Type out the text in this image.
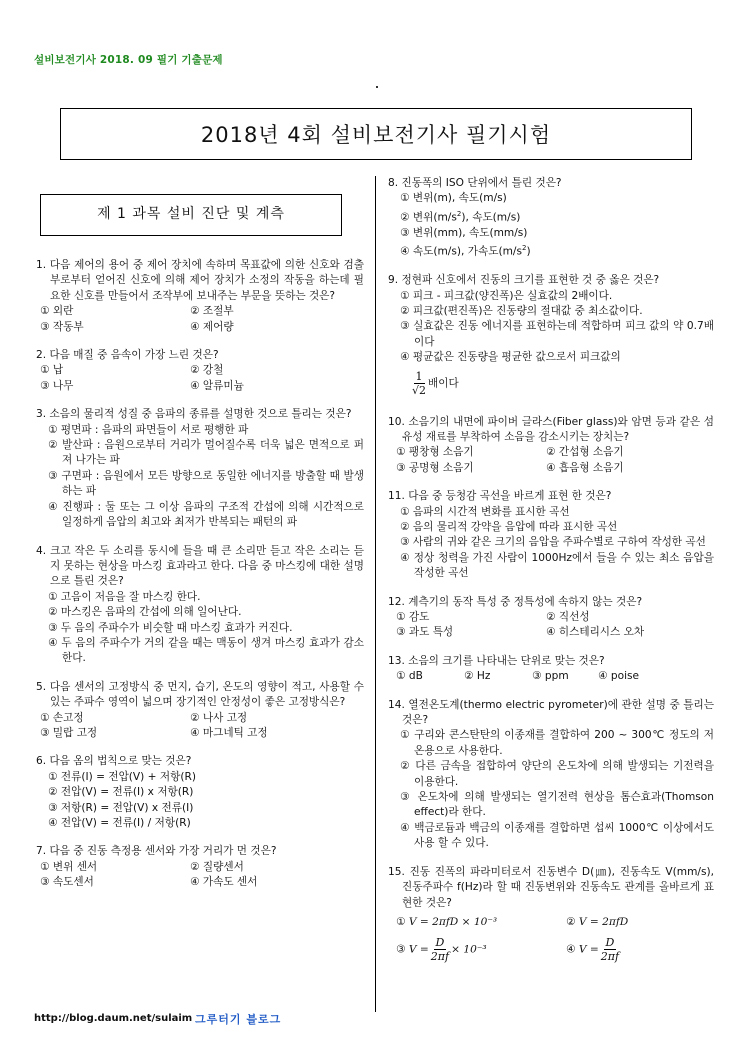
설비보전기사 2018. 09 필기 기출문제
2018년 4회 설비보전기사 필기시험
제 1 과목 설비 진단 및 계측
1. 다음 제어의 용어 중 제어 장치에 속하며 목표값에 의한 신호와 검출부로부터 얻어진 신호에 의해 제어 장치가 소정의 작동을 하는데 필요한 신호를 만들어서 조작부에 보내주는 부문을 뜻하는 것은?
① 외란	② 조절부
③ 작동부	④ 제어량
2. 다음 매질 중 음속이 가장 느린 것은?
① 납	② 강철
③ 나무	④ 알류미늄
3. 소음의 물리적 성질 중 음파의 종류를 설명한 것으로 틀리는 것은?
① 평면파 : 음파의 파면들이 서로 평행한 파
② 발산파 : 음원으로부터 거리가 멀어질수록 더욱 넓은 면적으로 퍼져 나가는 파
③ 구면파 : 음원에서 모든 방향으로 동일한 에너지를 방출할 때 발생하는 파
④ 진행파 : 둘 또는 그 이상 음파의 구조적 간섭에 의해 시간적으로 일정하게 음압의 최고와 최저가 반복되는 패턴의 파
4. 크고 작은 두 소리를 동시에 들을 때 큰 소리만 듣고 작은 소리는 듣지 못하는 현상을 마스킹 효과라고 한다. 다음 중 마스킹에 대한 설명으로 틀린 것은?
① 고음이 저음을 잘 마스킹 한다.
② 마스킹은 음파의 간섭에 의해 일어난다.
③ 두 음의 주파수가 비슷할 때 마스킹 효과가 커진다.
④ 두 음의 주파수가 거의 같을 때는 맥동이 생겨 마스킹 효과가 감소한다.
5. 다음 센서의 고정방식 중 먼지, 습기, 온도의 영향이 적고, 사용할 수 있는 주파수 영역이 넓으며 장기적인 안정성이 좋은 고정방식은?
① 손고정	② 나사 고정
③ 밀랍 고정	④ 마그네틱 고정
6. 다음 옴의 법칙으로 맞는 것은?
① 전류(I) = 전압(V) + 저항(R)
② 전압(V) = 전류(I) x 저항(R)
③ 저항(R) = 전압(V) x 전류(I)
④ 전압(V) = 전류(I) / 저항(R)
7. 다음 중 진동 측정용 센서와 가장 거리가 먼 것은?
① 변위 센서	② 질량센서
③ 속도센서	④ 가속도 센서
8. 진동폭의 ISO 단위에서 틀린 것은?
① 변위(m), 속도(m/s)
② 변위$(m/s^2)$, 속도(m/s)
③ 변위(mm), 속도(mm/s)
④ 속도(m/s), 가속도$(m/s^2)$
9. 정현파 신호에서 진동의 크기를 표현한 것 중 옳은 것은?
① 피크 - 피크값(양진폭)은 실효값의 2배이다.
② 피크값(편진폭)은 진동량의 절대값 중 최소값이다.
③ 실효값은 진동 에너지를 표현하는데 적합하며 피크 값의 약 0.7배이다
④ 평균값은 진동량을 평균한 값으로서 피크값의
$\frac{1}{√2}$ 배이다
10. 소음기의 내면에 파이버 글라스(Fiber glass)와 암면 등과 같은 섬유성 재료를 부착하여 소음을 감소시키는 장치는?
① 팽창형 소음기	② 간섭형 소음기
③ 공명형 소음기	④ 흡음형 소음기
11. 다음 중 등청감 곡선을 바르게 표현 한 것은?
① 음파의 시간적 변화를 표시한 곡선
② 음의 물리적 강약을 음압에 따라 표시한 곡선
③ 사람의 귀와 같은 크기의 음압을 주파수별로 구하여 작성한 곡선
④ 정상 청력을 가진 사람이 1000Hz에서 들을 수 있는 최소 음압을 작성한 곡선
12. 계측기의 동작 특성 중 정특성에 속하지 않는 것은?
① 감도	② 직선성
③ 과도 특성	④ 히스테리시스 오차
13. 소음의 크기를 나타내는 단위로 맞는 것은?
① dB	② Hz	③ ppm	④ poise
14. 열전온도계(thermo electric pyrometer)에 관한 설명 중 틀리는 것은?
① 구리와 콘스탄탄의 이종재를 결합하여 200 ~ 300℃ 정도의 저온용으로 사용한다.
② 다른 금속을 접합하여 양단의 온도차에 의해 발생되는 기전력을 이용한다.
③ 온도차에 의해 발생되는 열기전력 현상을 톰슨효과(Thomson effect)라 한다.
④ 백금로듐과 백금의 이종재를 결합하면 섭씨 1000℃ 이상에서도 사용 할 수 있다.
15. 진동 진폭의 파라미터로서 진동변수 D(㎛), 진동속도 V(mm/s), 진동주파수 f(Hz)라 할 때 진동변위와 진동속도 관계를 올바르게 표현한 것은?
① V = 2πfD × 10⁻³	② V = 2πfD
③ $V = \frac{D}{2\pi f} \times 10^{-3}$	④ $V = \frac{D}{2\pi f}$
http://blog.daum.net/sulaim 그루터기 블로그
